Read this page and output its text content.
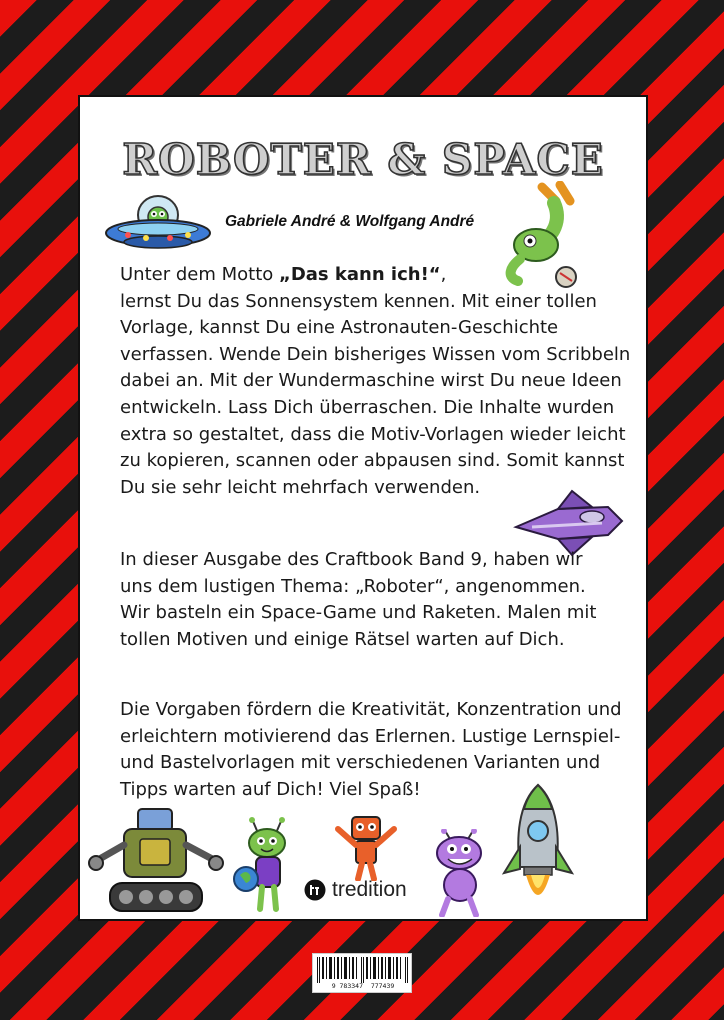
ROBOTER & SPACE
Gabriele André & Wolfgang André

Unter dem Motto „Das kann ich!“,
lernst Du das Sonnensystem kennen. Mit einer tollen
Vorlage, kannst Du eine Astronauten-Geschichte
verfassen. Wende Dein bisheriges Wissen vom Scribbeln
dabei an. Mit der Wundermaschine wirst Du neue Ideen
entwickeln. Lass Dich überraschen. Die Inhalte wurden
extra so gestaltet, dass die Motiv-Vorlagen wieder leicht
zu kopieren, scannen oder abpausen sind. Somit kannst
Du sie sehr leicht mehrfach verwenden.

In dieser Ausgabe des Craftbook Band 9, haben wir
uns dem lustigen Thema: „Roboter“, angenommen.
Wir basteln ein Space-Game und Raketen. Malen mit
tollen Motiven und einige Rätsel warten auf Dich.

Die Vorgaben fördern die Kreativität, Konzentration und
erleichtern motivierend das Erlernen. Lustige Lernspiel-
und Bastelvorlagen mit verschiedenen Varianten und
Tipps warten auf Dich! Viel Spaß!

tredition
9 783347  777439
